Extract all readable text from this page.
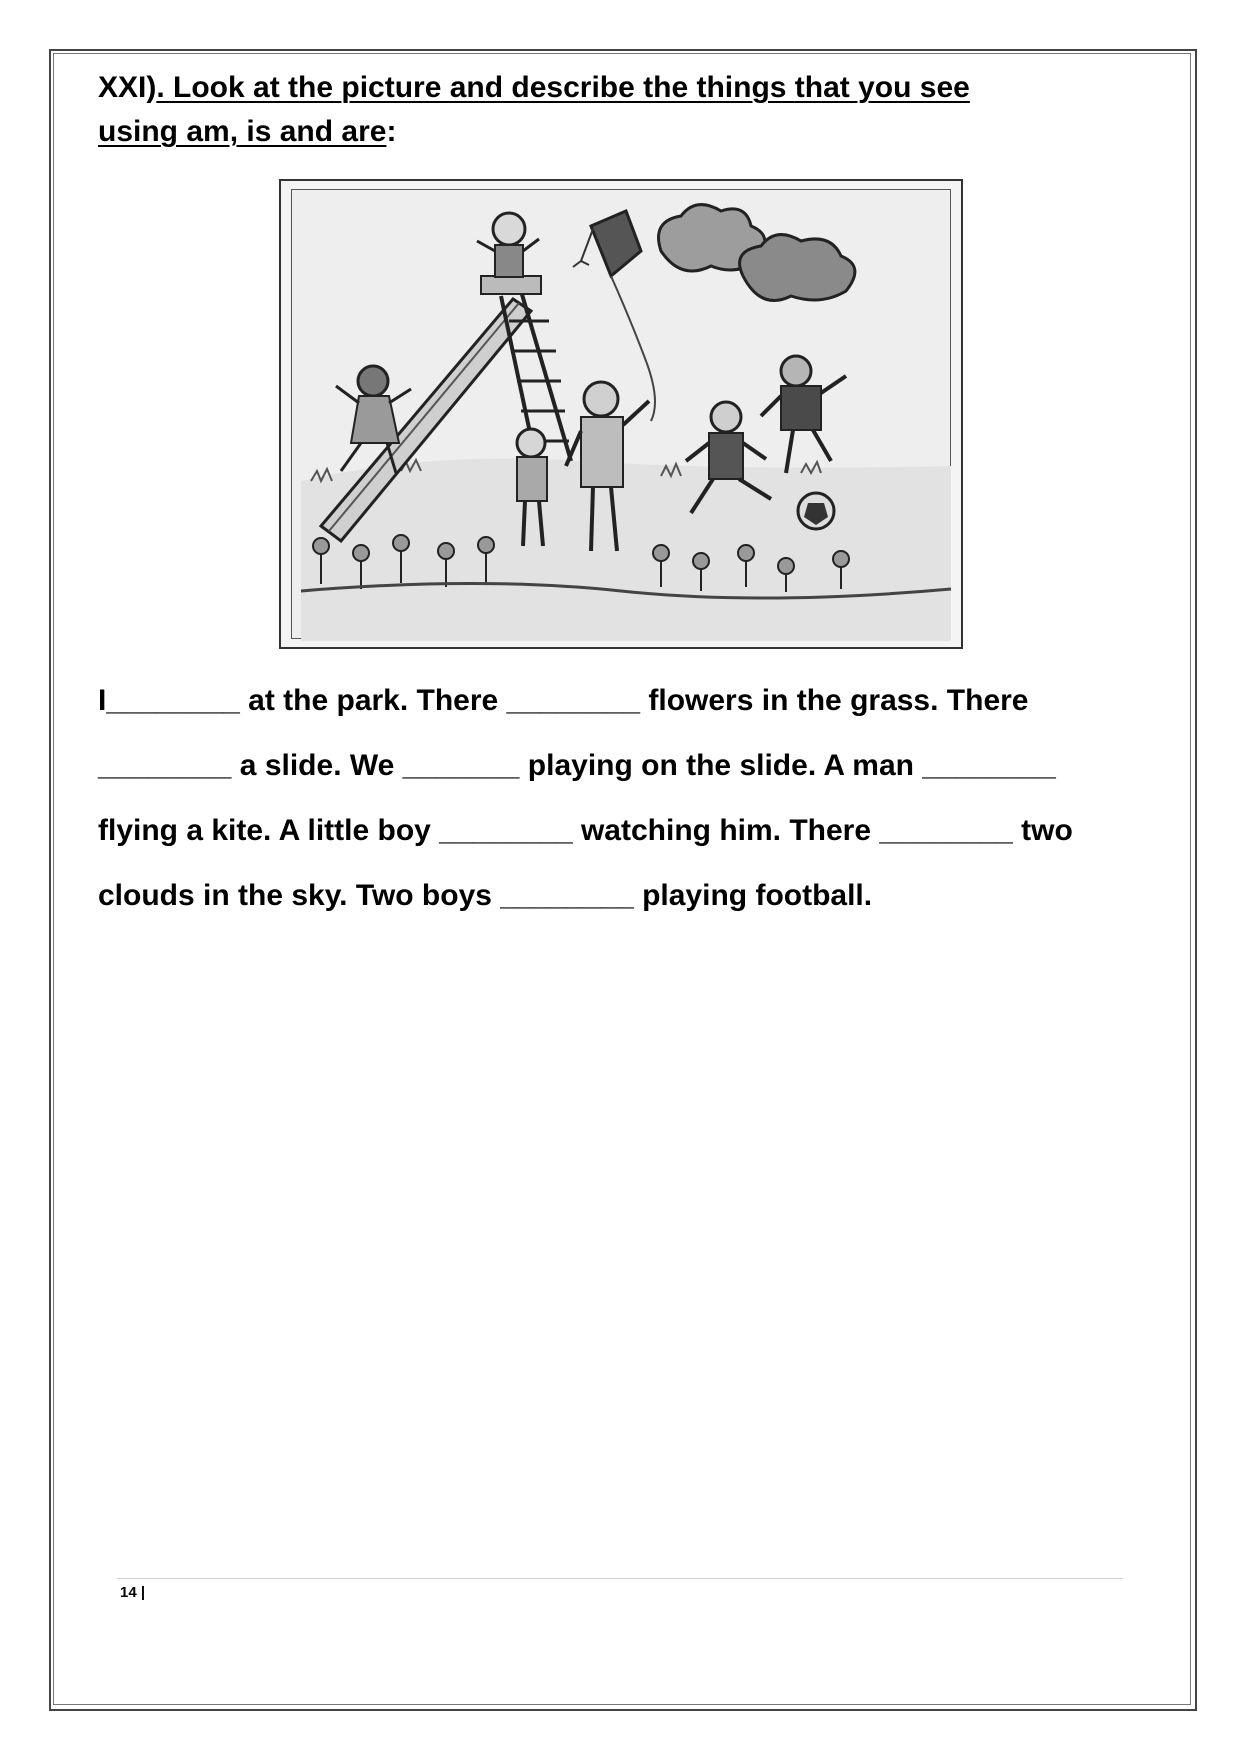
XXI). Look at the picture and describe the things that you see
using am, is and are:
I________ at the park. There ________ flowers in the grass. There
________ a slide. We _______ playing on the slide. A man ________
flying a kite. A little boy ________ watching him. There ________ two
clouds in the sky. Two boys ________ playing football.
14 |
